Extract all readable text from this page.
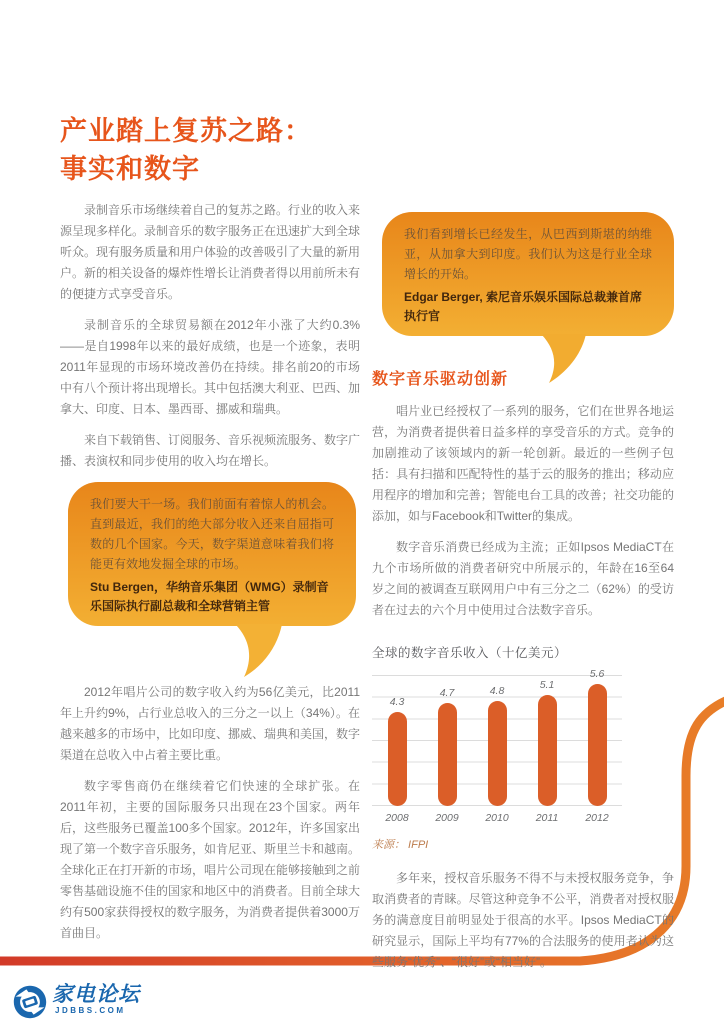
产业踏上复苏之路：
事实和数字

录制音乐市场继续着自己的复苏之路。行业的收入来源呈现多样化。录制音乐的数字服务正在迅速扩大到全球听众。现有服务质量和用户体验的改善吸引了大量的新用户。新的相关设备的爆炸性增长让消费者得以用前所未有的便捷方式享受音乐。

录制音乐的全球贸易额在2012年小涨了大约0.3%——是自1998年以来的最好成绩，也是一个迹象，表明2011年显现的市场环境改善仍在持续。排名前20的市场中有八个预计将出现增长。其中包括澳大利亚、巴西、加拿大、印度、日本、墨西哥、挪威和瑞典。

来自下载销售、订阅服务、音乐视频流服务、数字广播、表演权和同步使用的收入均在增长。

我们要大干一场。我们前面有着惊人的机会。直到最近，我们的绝大部分收入还来自屈指可数的几个国家。今天，数字渠道意味着我们将能更有效地发掘全球的市场。
Stu Bergen，华纳音乐集团（WMG）录制音乐国际执行副总裁和全球营销主管

2012年唱片公司的数字收入约为56亿美元，比2011年上升约9%，占行业总收入的三分之一以上（34%）。在越来越多的市场中，比如印度、挪威、瑞典和美国，数字渠道在总收入中占着主要比重。

数字零售商仍在继续着它们快速的全球扩张。在2011年初，主要的国际服务只出现在23个国家。两年后，这些服务已覆盖100多个国家。2012年，许多国家出现了第一个数字音乐服务，如肯尼亚、斯里兰卡和越南。全球化正在打开新的市场，唱片公司现在能够接触到之前零售基础设施不佳的国家和地区中的消费者。目前全球大约有500家获得授权的数字服务，为消费者提供着3000万首曲目。

我们看到增长已经发生，从巴西到斯堪的纳维亚，从加拿大到印度。我们认为这是行业全球增长的开始。
Edgar Berger, 索尼音乐娱乐国际总裁兼首席执行官
数字音乐驱动创新

唱片业已经授权了一系列的服务，它们在世界各地运营，为消费者提供着日益多样的享受音乐的方式。竞争的加剧推动了该领域内的新一轮创新。最近的一些例子包括：具有扫描和匹配特性的基于云的服务的推出；移动应用程序的增加和完善；智能电台工具的改善；社交功能的添加，如与Facebook和Twitter的集成。

数字音乐消费已经成为主流；正如Ipsos MediaCT在九个市场所做的消费者研究中所展示的，年龄在16至64岁之间的被调查互联网用户中有三分之二（62%）的受访者在过去的六个月中使用过合法数字音乐。

全球的数字音乐收入（十亿美元）
4.3
4.7	4.8	5.1
5.6
2008	2009	2010	2011	2012
来源： IFPI

多年来，授权音乐服务不得不与未授权服务竞争，争取消费者的青睐。尽管这种竞争不公平，消费者对授权服务的满意度目前明显处于很高的水平。Ipsos MediaCT的研究显示，国际上平均有77%的合法服务的使用者认为这些服务“优秀”、“很好”或“相当好”。

家电论坛
JDBBS.COM
